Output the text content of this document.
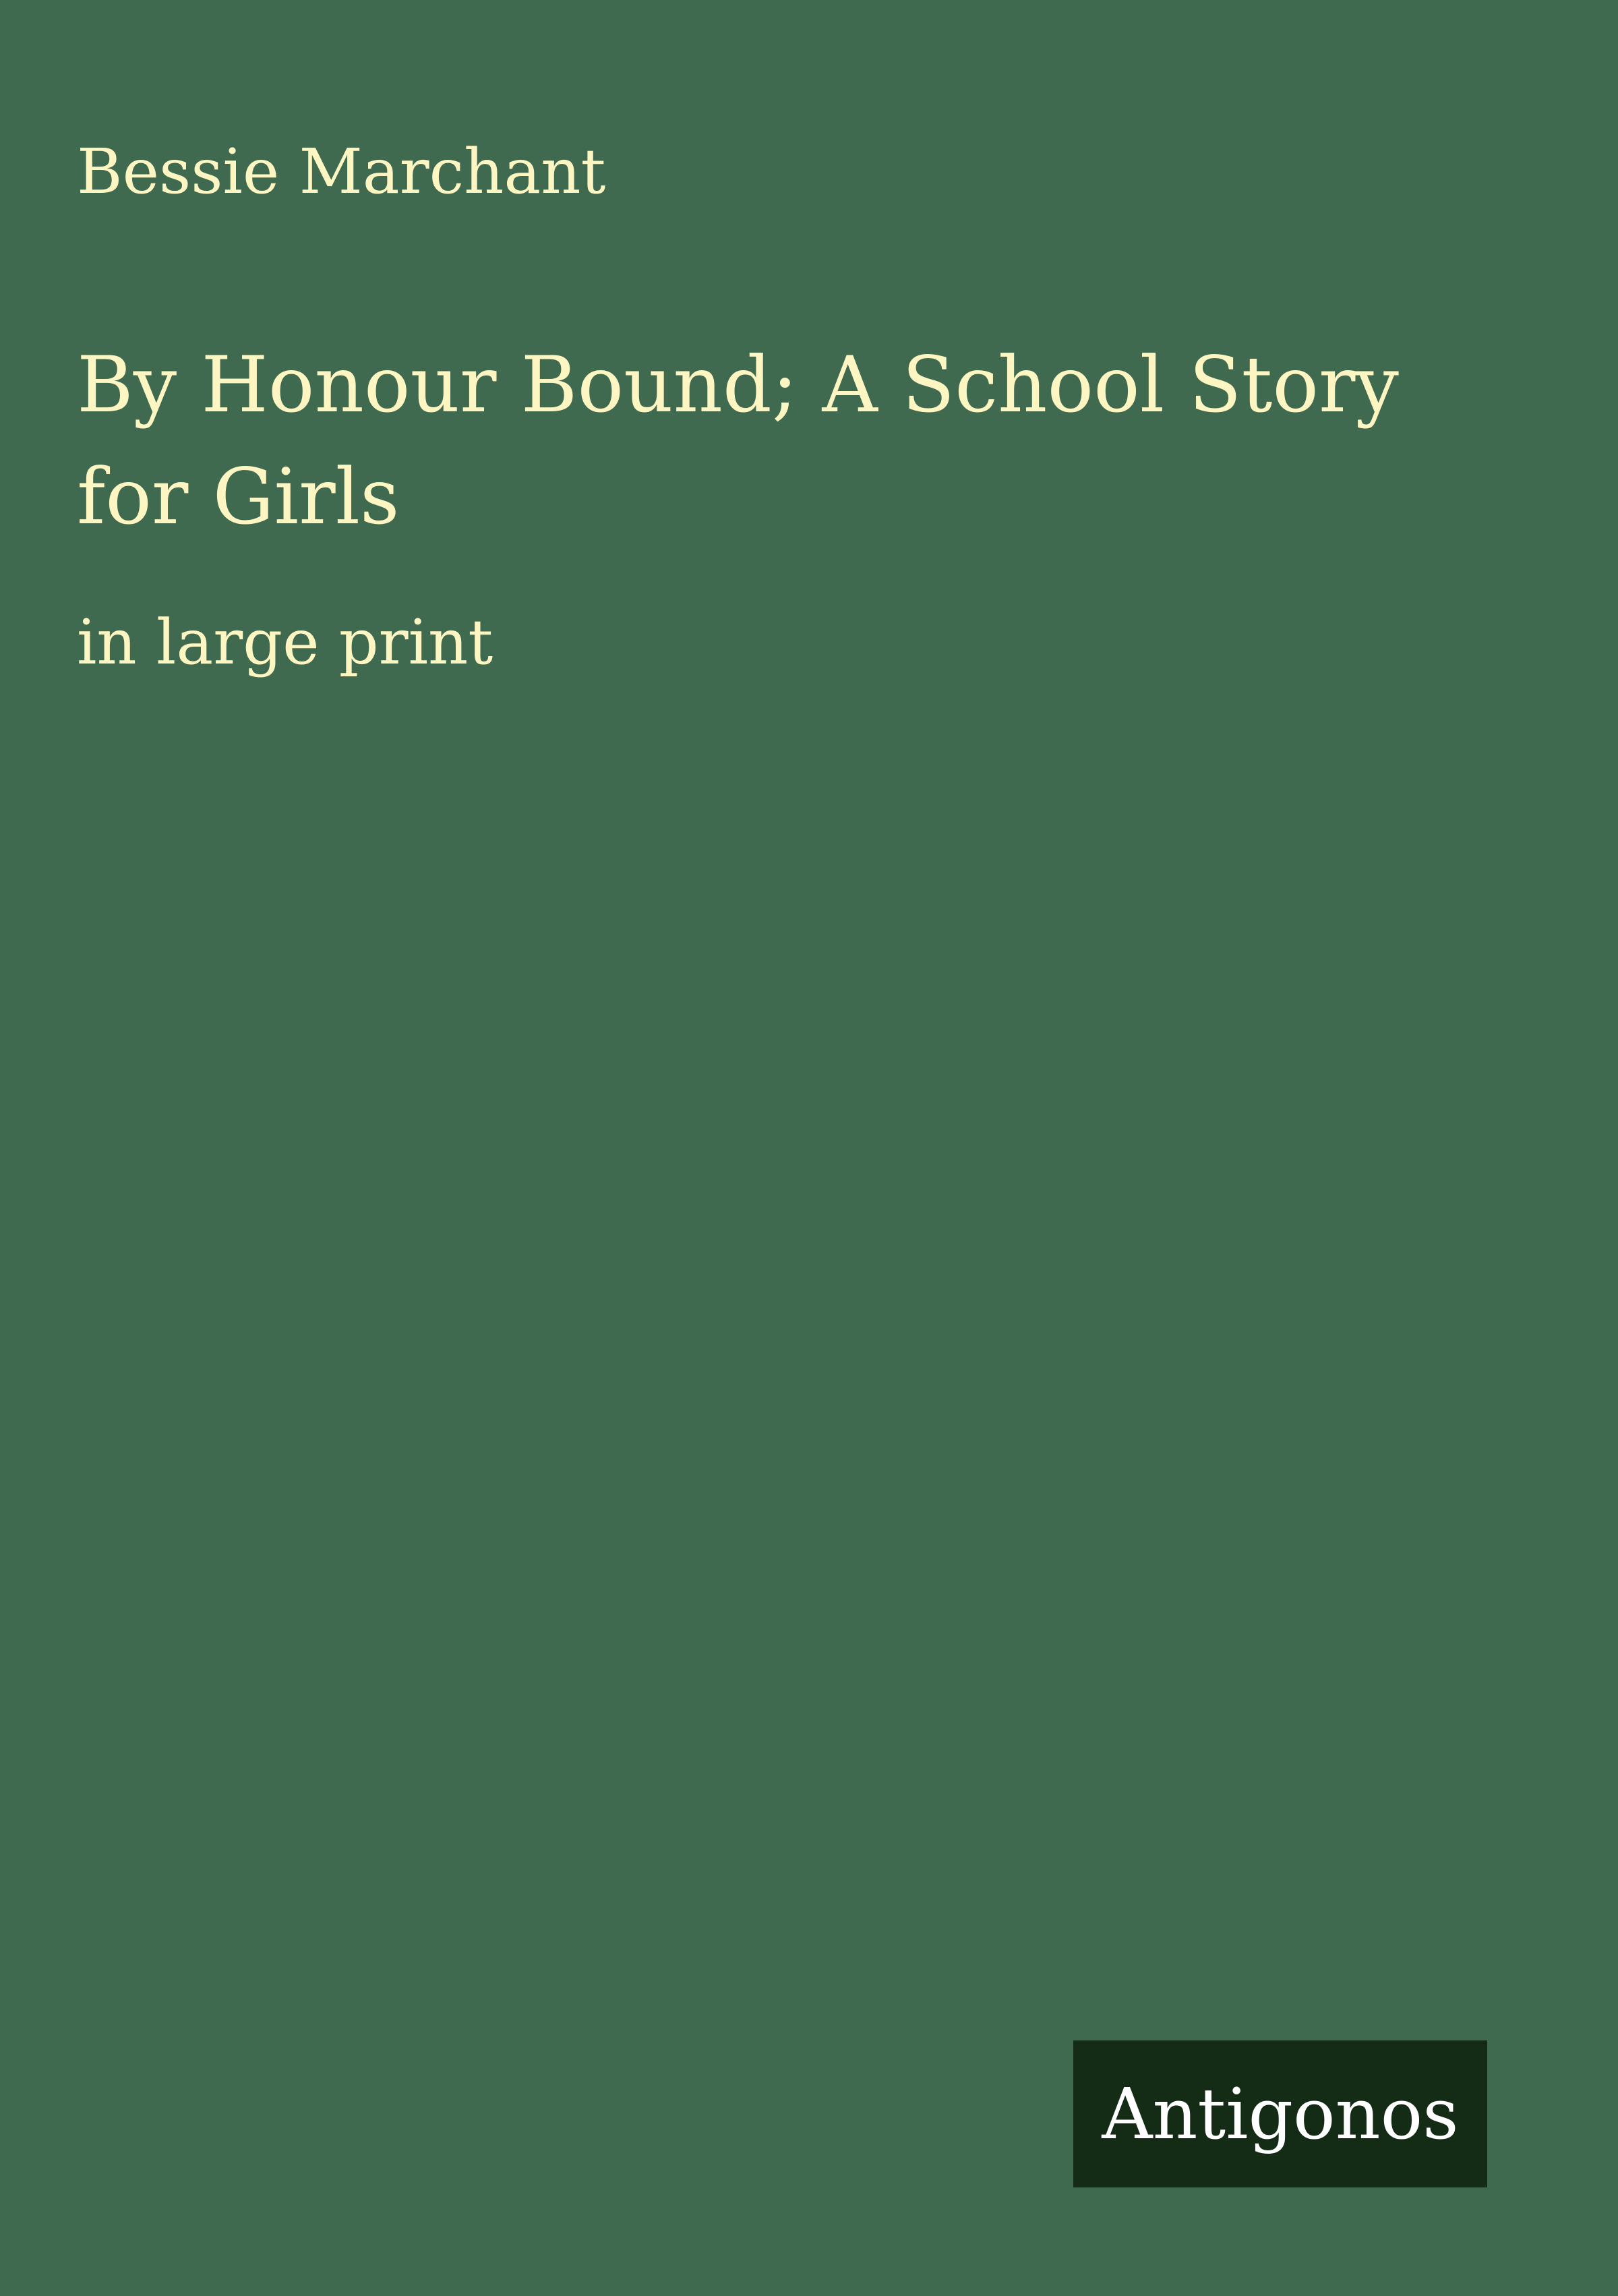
Bessie Marchant
By Honour Bound; A School Story for Girls
in large print
Antigonos
